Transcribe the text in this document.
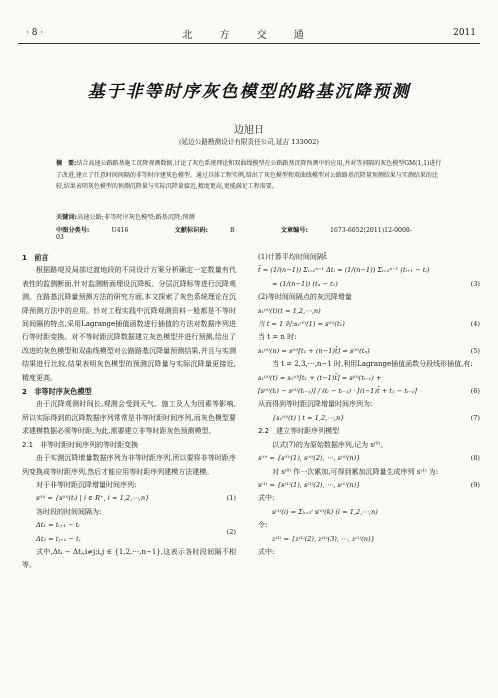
· 8 ·	北 方 交 通	2011
基于非等时序灰色模型的路基沉降预测
边旭日
(延边公路勘测设计有限责任公司,延吉 133002)
摘　要:结合高速公路路基施工沉降观测数据,讨论了灰色系统理论和双曲线模型在公路路基沉降预测中的应用,并对等间隔的灰色模型GM(1,1)进行了改进,建立了任意时间间隔的非等时序建灰色模型。通过具体工程实例,给出了灰色模型和双曲线模型对公路路基沉降量预测结果与实测结果的比较,结果表明灰色模型的预测沉降量与实际沉降量接近,精度更高,更能满足工程需要。
关键词:高速公路;非等时序灰色模型;路基沉降;预测
中图分类号:	U416	文献标识码:	B	文章编号:	1673-6052(2011)12-0008-03
1　前言

根据路堤及局部过渡地段的不同设计方案分析确定一定数量有代表性的监测断面,针对监测断面埋设沉降板、分层沉降标等进行沉降观测。在路基沉降量预测方法的研究方面,本文探索了灰色系统理论在沉降预测方法中的应用。针对工程实践中沉降观测资料一般都是不等时间间隔的特点,采用Lagrange插值函数进行插值的方法对数据序列进行等时距变换。对不等时距沉降数据建立灰色模型并进行预测,给出了改进的灰色模型和双曲线模型对公路路基沉降量预测结果,并且与实测结果进行比较,结果表明灰色模型的预测沉降量与实际沉降量更接近,精度更高。

2　非等时序灰色模型

由于沉降观测时间长,观测会受到天气、施工及人为因素等影响,所以实际得到的沉降数据序列常常是非等时距时间序列,而灰色模型要求建模数据必须等时距,为此,需要建立非等时距灰色预测模型。

2.1　非等时距时间序列的等时距变换

由于实测沉降增量数据序列为非等时距序列,所以要将非等时距序列变换成等时距序列,然后才能应用等时距序列建模方法建模。

对于非等时距沉降增量时间序列:

s⁽⁰⁾ = {s⁽⁰⁾(tᵢ) | i ∈ R⁺, i = 1,2,⋯,n}	(1)

各时段的时间间隔为:

Δt₁ = tᵢ₊₁ − tᵢ
Δt₂ = tⱼ₊₁ − tⱼ
(2)

式中,Δtᵢ − Δtⱼ,i≠j;i,j ∈ {1,2,⋯,n−1},这表示各时段间隔不相等。

(1)计算平均时间间隔t̄
t̄ = (1/(n−1)) Σᵢ₌₁ⁿ⁻¹ Δtᵢ = (1/(n−1)) Σᵢ₌₁ⁿ⁻¹ (tᵢ₊₁ − tᵢ)
= (1/(n−1)) (tₙ − t₁)	(3)
(2)等时间间隔点的灰沉降增量
s₁⁽⁰⁾(t)(t = 1,2,⋯,n)
当 t = 1 时:s₁⁽⁰⁾(1) = s⁽⁰⁾(t₁)	(4)
当 t = n 时:
s₁⁽⁰⁾(n) = s⁽⁰⁾[t₁ + (n−1)t̄] = s⁽⁰⁾(tₙ)	(5)
当 t = 2,3,⋯,n−1 时,利用Lagrange插值函数分段线形插值,有:
s₁⁽⁰⁾(t) = s₁⁽⁰⁾[t₁ + (t−1)t̄] = s⁽⁰⁾(tᵢ₋₁) +
[s⁽⁰⁾(tᵢ) − s⁽⁰⁾(tᵢ₋₁)] / (tᵢ − tᵢ₋₁) · [(i−1)t̄ + t₁ − tᵢ₋₁]	(6)
从而得到等时距沉降增量时间序列为:
{s₁⁽⁰⁾(t) | t = 1,2,⋯,n}	(7)
2.2　建立等时距序列模型
以式(7)的为原始数据序列,记为 s⁽⁰⁾。
s⁽⁰⁾ = {s⁽⁰⁾(1), s⁽⁰⁾(2), ⋯, s⁽⁰⁾(n)}	(8)
对 s⁽⁰⁾ 作一次累加,可得到累加沉降量生成序列 s⁽¹⁾ 为:
s⁽¹⁾ = {s⁽¹⁾(1), s⁽¹⁾(2), ⋯, s⁽¹⁾(n)}	(9)
式中:
s⁽¹⁾(i) = Σₖ₌₁ⁱ s⁽⁰⁾(k) (i = 1,2,⋯,n)
令:
z⁽¹⁾ = {z⁽¹⁾(2), z⁽¹⁾(3), ⋯, z⁽¹⁾(n)}
式中:
